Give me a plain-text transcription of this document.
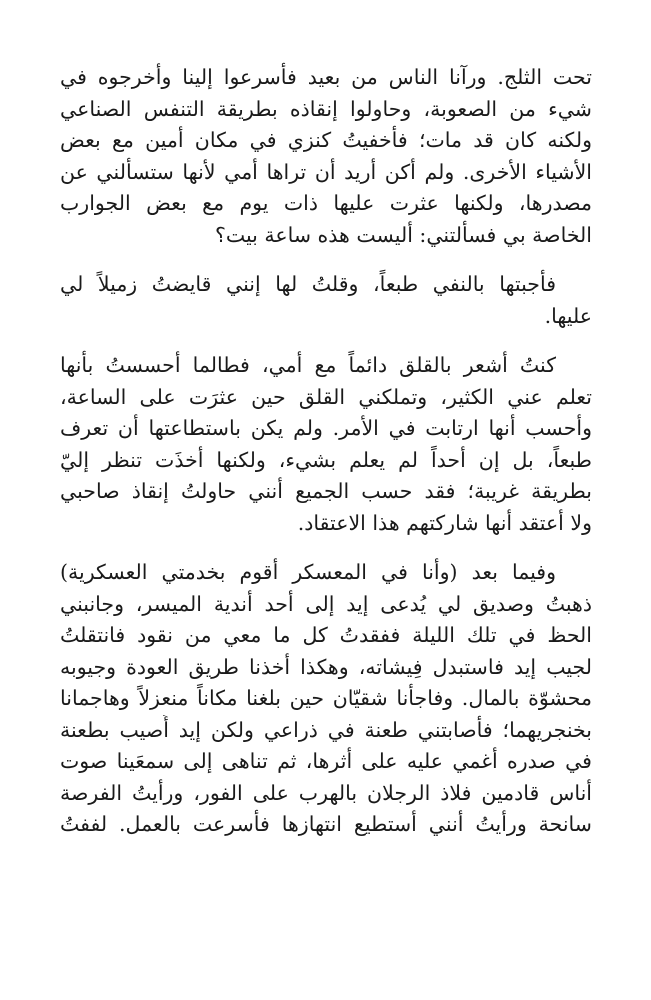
تحت الثلج. ورآنا الناس من بعيد فأسرعوا إلينا وأخرجوه في
شيء من الصعوبة، وحاولوا إنقاذه بطريقة التنفس الصناعي
ولكنه كان قد مات؛ فأخفيتُ كنزي في مكان أمين مع بعض
الأشياء الأخرى. ولم أكن أريد أن تراها أمي لأنها ستسألني عن
مصدرها، ولكنها عثرت عليها ذات يوم مع بعض الجوارب
الخاصة بي فسألتني: أليست هذه ساعة بيت؟

فأجبتها بالنفي طبعاً، وقلتُ لها إنني قايضتُ زميلاً لي
عليها.

كنتُ أشعر بالقلق دائماً مع أمي، فطالما أحسستُ بأنها
تعلم عني الكثير، وتملكني القلق حين عثرَت على الساعة،
وأحسب أنها ارتابت في الأمر. ولم يكن باستطاعتها أن تعرف
طبعاً، بل إن أحداً لم يعلم بشيء، ولكنها أخذَت تنظر إليّ
بطريقة غريبة؛ فقد حسب الجميع أنني حاولتُ إنقاذ صاحبي
ولا أعتقد أنها شاركتهم هذا الاعتقاد.

وفيما بعد (وأنا في المعسكر أقوم بخدمتي العسكرية)
ذهبتُ وصديق لي يُدعى إيد إلى أحد أندية الميسر، وجانبني
الحظ في تلك الليلة ففقدتُ كل ما معي من نقود فانتقلتُ
لجيب إيد فاستبدل فِيشاته، وهكذا أخذنا طريق العودة وجيوبه
محشوّة بالمال. وفاجأنا شقيّان حين بلغنا مكاناً منعزلاً وهاجمانا
بخنجريهما؛ فأصابتني طعنة في ذراعي ولكن إيد أُصيب بطعنة
في صدره أغمي عليه على أثرها، ثم تناهى إلى سمعَينا صوت
أناس قادمين فلاذ الرجلان بالهرب على الفور، ورأيتُ الفرصة
سانحة ورأيتُ أنني أستطيع انتهازها فأسرعت بالعمل. لففتُ
